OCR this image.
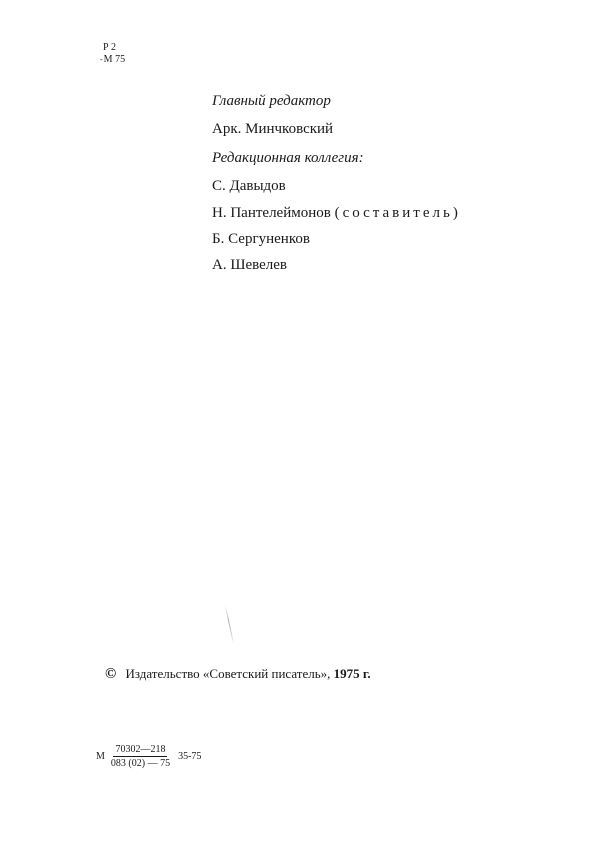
Р 2
-М 75
Главный редактор
Арк. Минчковский
Редакционная коллегия:
С. Давыдов
Н. Пантелеймонов (составитель)
Б. Сергуненков
А. Шевелев
© Издательство «Советский писатель», 1975 г.
М $\frac{70302—218}{083 (02) — 75} 35-75$
